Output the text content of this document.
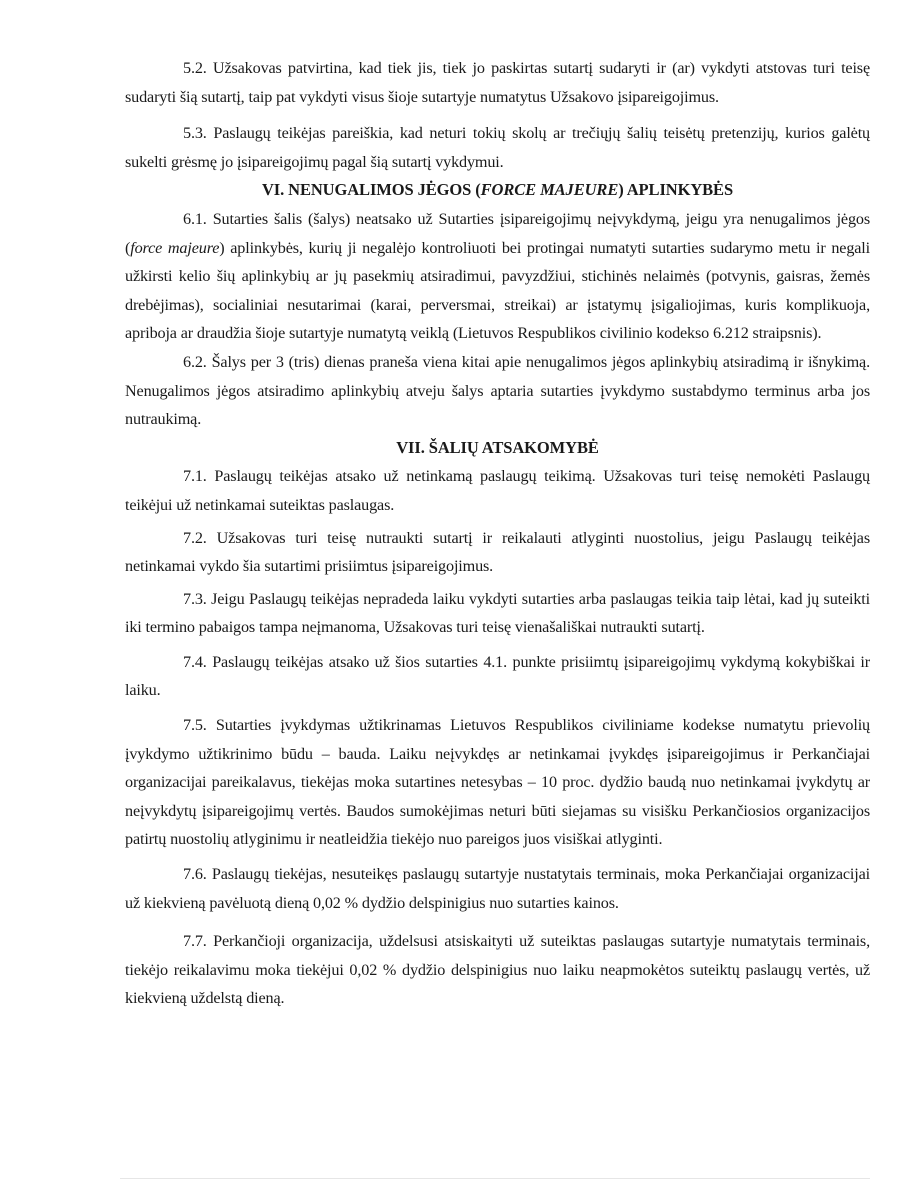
5.2. Užsakovas patvirtina, kad tiek jis, tiek jo paskirtas sutartį sudaryti ir (ar) vykdyti atstovas turi teisę sudaryti šią sutartį, taip pat vykdyti visus šioje sutartyje numatytus Užsakovo įsipareigojimus.

5.3. Paslaugų teikėjas pareiškia, kad neturi tokių skolų ar trečiųjų šalių teisėtų pretenzijų, kurios galėtų sukelti grėsmę jo įsipareigojimų pagal šią sutartį vykdymui.

VI. NENUGALIMOS JĖGOS (FORCE MAJEURE) APLINKYBĖS

6.1. Sutarties šalis (šalys) neatsako už Sutarties įsipareigojimų neįvykdymą, jeigu yra nenugalimos jėgos (force majeure) aplinkybės, kurių ji negalėjo kontroliuoti bei protingai numatyti sutarties sudarymo metu ir negali užkirsti kelio šių aplinkybių ar jų pasekmių atsiradimui, pavyzdžiui, stichinės nelaimės (potvynis, gaisras, žemės drebėjimas), socialiniai nesutarimai (karai, perversmai, streikai) ar įstatymų įsigaliojimas, kuris komplikuoja, apriboja ar draudžia šioje sutartyje numatytą veiklą (Lietuvos Respublikos civilinio kodekso 6.212 straipsnis).

6.2. Šalys per 3 (tris) dienas praneša viena kitai apie nenugalimos jėgos aplinkybių atsiradimą ir išnykimą. Nenugalimos jėgos atsiradimo aplinkybių atveju šalys aptaria sutarties įvykdymo sustabdymo terminus arba jos nutraukimą.

VII. ŠALIŲ ATSAKOMYBĖ

7.1. Paslaugų teikėjas atsako už netinkamą paslaugų teikimą. Užsakovas turi teisę nemokėti Paslaugų teikėjui už netinkamai suteiktas paslaugas.

7.2. Užsakovas turi teisę nutraukti sutartį ir reikalauti atlyginti nuostolius, jeigu Paslaugų teikėjas netinkamai vykdo šia sutartimi prisiimtus įsipareigojimus.

7.3. Jeigu Paslaugų teikėjas nepradeda laiku vykdyti sutarties arba paslaugas teikia taip lėtai, kad jų suteikti iki termino pabaigos tampa neįmanoma, Užsakovas turi teisę vienašališkai nutraukti sutartį.

7.4. Paslaugų teikėjas atsako už šios sutarties 4.1. punkte prisiimtų įsipareigojimų vykdymą kokybiškai ir laiku.

7.5. Sutarties įvykdymas užtikrinamas Lietuvos Respublikos civiliniame kodekse numatytu prievolių įvykdymo užtikrinimo būdu – bauda. Laiku neįvykdęs ar netinkamai įvykdęs įsipareigojimus ir Perkančiajai organizacijai pareikalavus, tiekėjas moka sutartines netesybas – 10 proc. dydžio baudą nuo netinkamai įvykdytų ar neįvykdytų įsipareigojimų vertės. Baudos sumokėjimas neturi būti siejamas su visišku Perkančiosios organizacijos patirtų nuostolių atlyginimu ir neatleidžia tiekėjo nuo pareigos juos visiškai atlyginti.

7.6. Paslaugų tiekėjas, nesuteikęs paslaugų sutartyje nustatytais terminais, moka Perkančiajai organizacijai už kiekvieną pavėluotą dieną 0,02 % dydžio delspinigius nuo sutarties kainos.

7.7. Perkančioji organizacija, uždelsusi atsiskaityti už suteiktas paslaugas sutartyje numatytais terminais, tiekėjo reikalavimu moka tiekėjui 0,02 % dydžio delspinigius nuo laiku neapmokėtos suteiktų paslaugų vertės, už kiekvieną uždelstą dieną.
